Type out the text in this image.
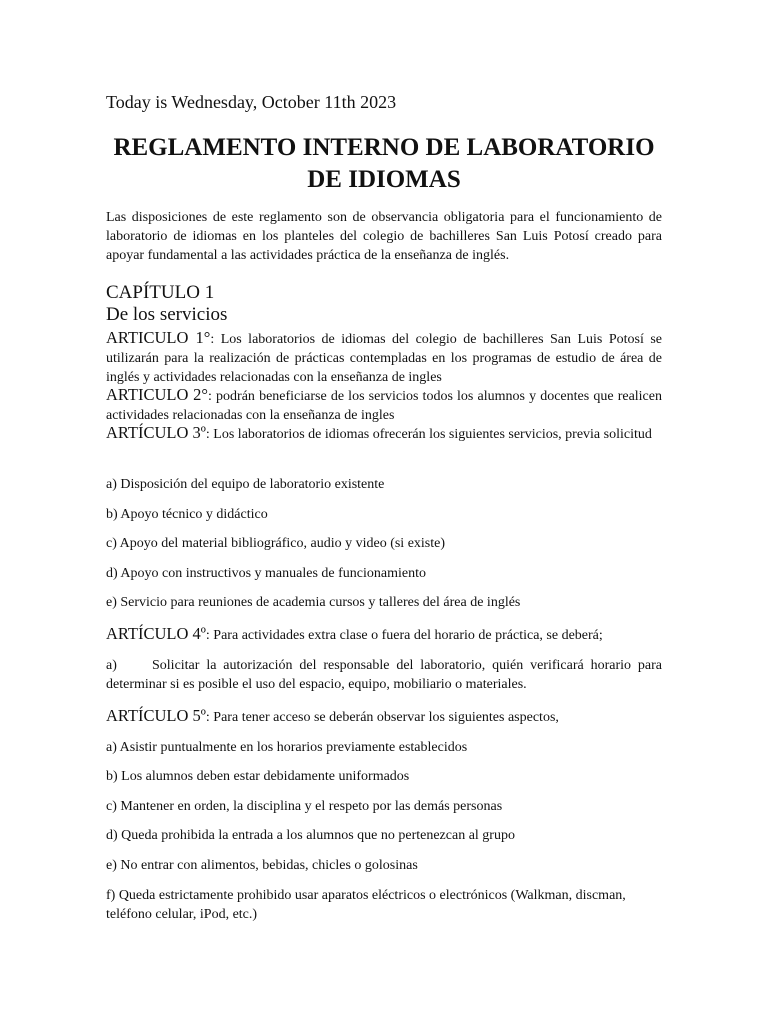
Today is Wednesday, October 11th 2023
REGLAMENTO INTERNO DE LABORATORIO
DE IDIOMAS
Las disposiciones de este reglamento son de observancia obligatoria para el funcionamiento de laboratorio de idiomas en los planteles del colegio de bachilleres San Luis Potosí creado para apoyar fundamental a las actividades práctica de la enseñanza de inglés.
CAPÍTULO 1
De los servicios
ARTICULO 1°: Los laboratorios de idiomas del colegio de bachilleres San Luis Potosí se utilizarán para la realización de prácticas contempladas en los programas de estudio de área de inglés y actividades relacionadas con la enseñanza de ingles
ARTICULO 2°: podrán beneficiarse de los servicios todos los alumnos y docentes que realicen actividades relacionadas con la enseñanza de ingles
ARTÍCULO 3º: Los laboratorios de idiomas ofrecerán los siguientes servicios, previa solicitud
a) Disposición del equipo de laboratorio existente
b) Apoyo técnico y didáctico
c) Apoyo del material bibliográfico, audio y video (si existe)
d) Apoyo con instructivos y manuales de funcionamiento
e) Servicio para reuniones de academia cursos y talleres del área de inglés
ARTÍCULO 4º: Para actividades extra clase o fuera del horario de práctica, se deberá;
a)	Solicitar la autorización del responsable del laboratorio, quién verificará horario para determinar si es posible el uso del espacio, equipo, mobiliario o materiales.
ARTÍCULO 5º: Para tener acceso se deberán observar los siguientes aspectos,
a) Asistir puntualmente en los horarios previamente establecidos
b) Los alumnos deben estar debidamente uniformados
c) Mantener en orden, la disciplina y el respeto por las demás personas
d) Queda prohibida la entrada a los alumnos que no pertenezcan al grupo
e) No entrar con alimentos, bebidas, chicles o golosinas
f) Queda estrictamente prohibido usar aparatos eléctricos o electrónicos (Walkman, discman, teléfono celular, iPod, etc.)
